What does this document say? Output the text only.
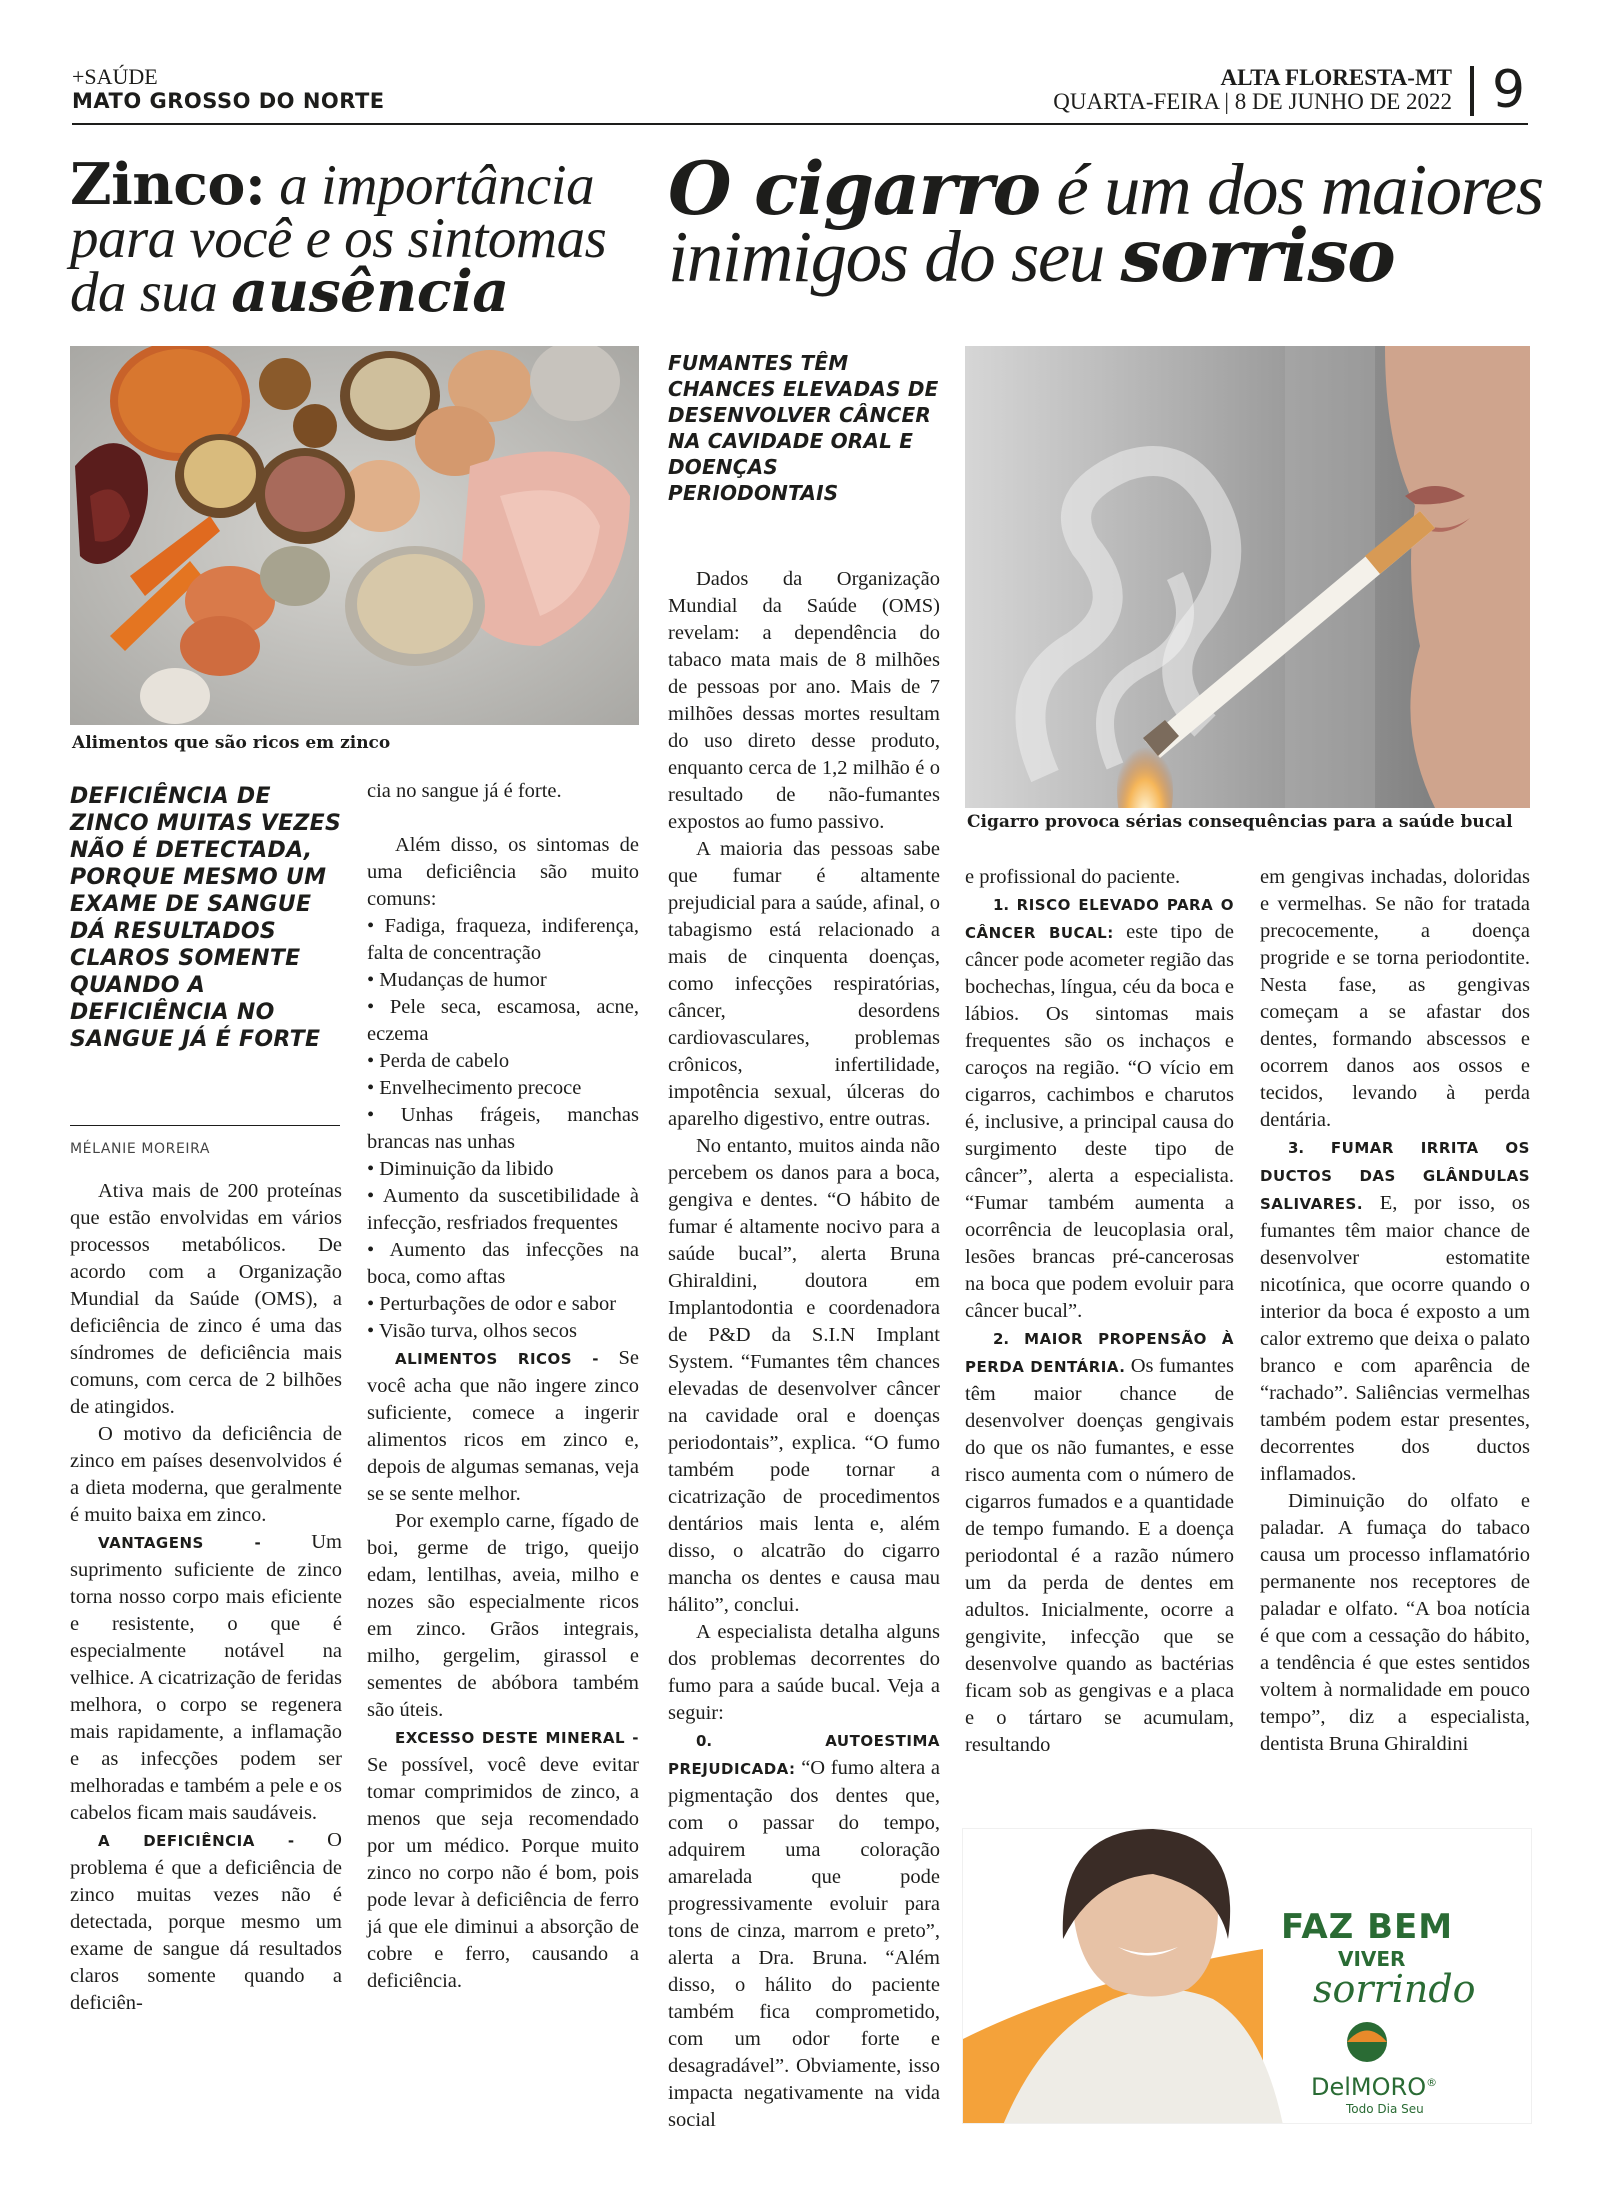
+SAÚDE
MATO GROSSO DO NORTE
ALTA FLORESTA-MT
QUARTA-FEIRA | 8 DE JUNHO DE 2022 9
Zinco: a importância
para você e os sintomas
da sua ausência
O cigarro é um dos maiores
inimigos do seu sorriso
Alimentos que são ricos em zinco
Cigarro provoca sérias consequências para a saúde bucal
DEFICIÊNCIA DE ZINCO MUITAS VEZES NÃO É DETECTADA, PORQUE MESMO UM EXAME DE SANGUE DÁ RESULTADOS CLAROS SOMENTE QUANDO A DEFICIÊNCIA NO SANGUE JÁ É FORTE
FUMANTES TÊM CHANCES ELEVADAS DE DESENVOLVER CÂNCER NA CAVIDADE ORAL E DOENÇAS PERIODONTAIS
MÉLANIE MOREIRA

Ativa mais de 200 proteínas que estão envolvidas em vários processos metabólicos. De acordo com a Organização Mundial da Saúde (OMS), a deficiência de zinco é uma das síndromes de deficiência mais comuns, com cerca de 2 bilhões de atingidos.

O motivo da deficiência de zinco em países desenvolvidos é a dieta moderna, que geralmente é muito baixa em zinco.

VANTAGENS - Um suprimento suficiente de zinco torna nosso corpo mais eficiente e resistente, o que é especialmente notável na velhice. A cicatrização de feridas melhora, o corpo se regenera mais rapidamente, a inflamação e as infecções podem ser melhoradas e também a pele e os cabelos ficam mais saudáveis.

A DEFICIÊNCIA - O problema é que a deficiência de zinco muitas vezes não é detectada, porque mesmo um exame de sangue dá resultados claros somente quando a deficiên-

cia no sangue já é forte.

Além disso, os sintomas de uma deficiência são muito comuns:

• Fadiga, fraqueza, indiferença, falta de concentração
• Mudanças de humor
• Pele seca, escamosa, acne, eczema
• Perda de cabelo
• Envelhecimento precoce
• Unhas frágeis, manchas brancas nas unhas
• Diminuição da libido
• Aumento da suscetibilidade à infecção, resfriados frequentes
• Aumento das infecções na boca, como aftas
• Perturbações de odor e sabor
• Visão turva, olhos secos

ALIMENTOS RICOS - Se você acha que não ingere zinco suficiente, comece a ingerir alimentos ricos em zinco e, depois de algumas semanas, veja se se sente melhor.

Por exemplo carne, fígado de boi, germe de trigo, queijo edam, lentilhas, aveia, milho e nozes são especialmente ricos em zinco. Grãos integrais, milho, gergelim, girassol e sementes de abóbora também são úteis.

EXCESSO DESTE MINERAL - Se possível, você deve evitar tomar comprimidos de zinco, a menos que seja recomendado por um médico. Porque muito zinco no corpo não é bom, pois pode levar à deficiência de ferro já que ele diminui a absorção de cobre e ferro, causando a deficiência.

Dados da Organização Mundial da Saúde (OMS) revelam: a dependência do tabaco mata mais de 8 milhões de pessoas por ano. Mais de 7 milhões dessas mortes resultam do uso direto desse produto, enquanto cerca de 1,2 milhão é o resultado de não-fumantes expostos ao fumo passivo.

A maioria das pessoas sabe que fumar é altamente prejudicial para a saúde, afinal, o tabagismo está relacionado a mais de cinquenta doenças, como infecções respiratórias, câncer, desordens cardiovasculares, problemas crônicos, infertilidade, impotência sexual, úlceras do aparelho digestivo, entre outras.

No entanto, muitos ainda não percebem os danos para a boca, gengiva e dentes. “O hábito de fumar é altamente nocivo para a saúde bucal”, alerta Bruna Ghiraldini, doutora em Implantodontia e coordenadora de P&D da S.I.N Implant System. “Fumantes têm chances elevadas de desenvolver câncer na cavidade oral e doenças periodontais”, explica. “O fumo também pode tornar a cicatrização de procedimentos dentários mais lenta e, além disso, o alcatrão do cigarro mancha os dentes e causa mau hálito”, conclui.

A especialista detalha alguns dos problemas decorrentes do fumo para a saúde bucal. Veja a seguir:

0. AUTOESTIMA PREJUDICADA: “O fumo altera a pigmentação dos dentes que, com o passar do tempo, adquirem uma coloração amarelada que pode progressivamente evoluir para tons de cinza, marrom e preto”, alerta a Dra. Bruna. “Além disso, o hálito do paciente também fica comprometido, com um odor forte e desagradável”. Obviamente, isso impacta negativamente na vida social

e profissional do paciente.

1. RISCO ELEVADO PARA O CÂNCER BUCAL: este tipo de câncer pode acometer região das bochechas, língua, céu da boca e lábios. Os sintomas mais frequentes são os inchaços e caroços na região. “O vício em cigarros, cachimbos e charutos é, inclusive, a principal causa do surgimento deste tipo de câncer”, alerta a especialista. “Fumar também aumenta a ocorrência de leucoplasia oral, lesões brancas pré-cancerosas na boca que podem evoluir para câncer bucal”.

2. MAIOR PROPENSÃO À PERDA DENTÁRIA. Os fumantes têm maior chance de desenvolver doenças gengivais do que os não fumantes, e esse risco aumenta com o número de cigarros fumados e a quantidade de tempo fumando. E a doença periodontal é a razão número um da perda de dentes em adultos. Inicialmente, ocorre a gengivite, infecção que se desenvolve quando as bactérias ficam sob as gengivas e a placa e o tártaro se acumulam, resultando

em gengivas inchadas, doloridas e vermelhas. Se não for tratada precocemente, a doença progride e se torna periodontite. Nesta fase, as gengivas começam a se afastar dos dentes, formando abscessos e ocorrem danos aos ossos e tecidos, levando à perda dentária.

3. FUMAR IRRITA OS DUCTOS DAS GLÂNDULAS SALIVARES. E, por isso, os fumantes têm maior chance de desenvolver estomatite nicotínica, que ocorre quando o interior da boca é exposto a um calor extremo que deixa o palato branco e com aparência de “rachado”. Saliências vermelhas também podem estar presentes, decorrentes dos ductos inflamados.

Diminuição do olfato e paladar. A fumaça do tabaco causa um processo inflamatório permanente nos receptores de paladar e olfato. “A boa notícia é que com a cessação do hábito, a tendência é que estes sentidos voltem à normalidade em pouco tempo”, diz a especialista, dentista Bruna Ghiraldini

FAZ BEM
VIVER
sorrindo
DelMORO®
Todo Dia Seu
